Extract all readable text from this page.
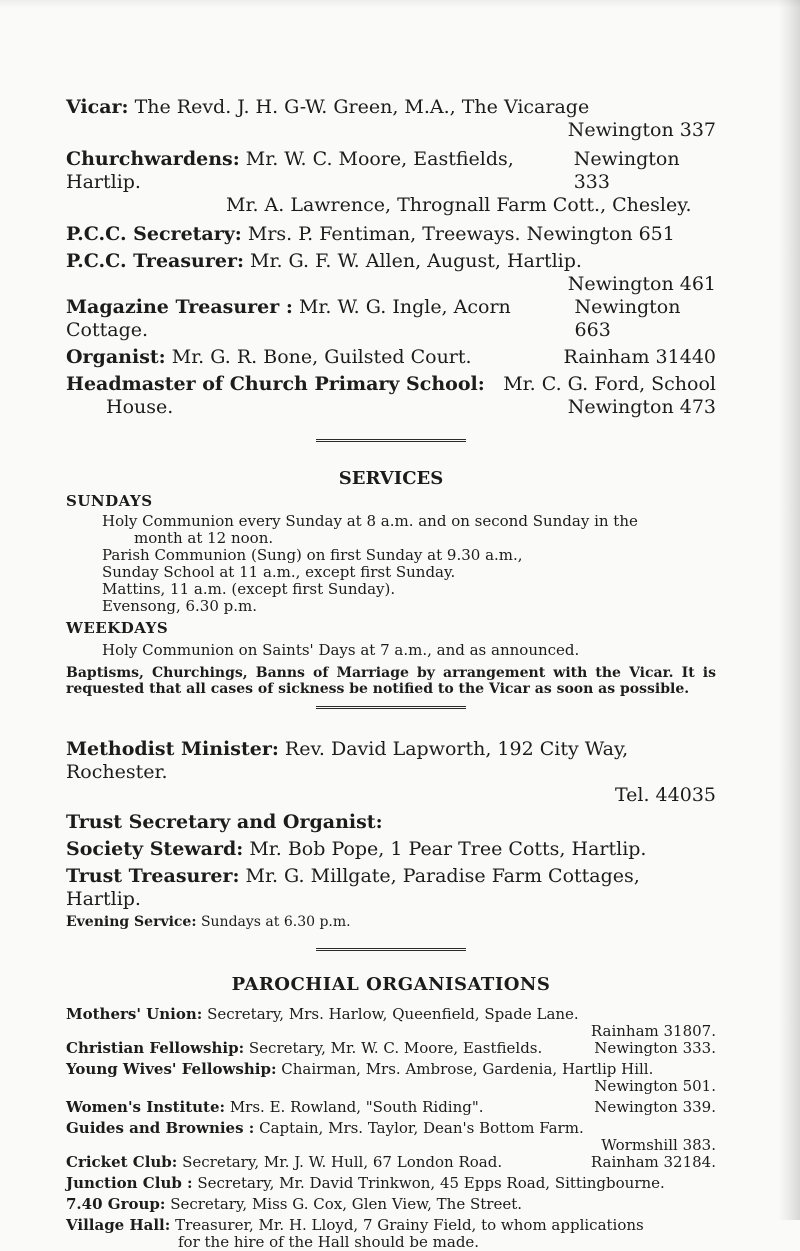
Vicar: The Revd. J. H. G-W. Green, M.A., The Vicarage
Newington 337
Churchwardens: Mr. W. C. Moore, Eastfields, Hartlip.
Newington 333
Mr. A. Lawrence, Thrognall Farm Cott., Chesley.
P.C.C. Secretary: Mrs. P. Fentiman, Treeways. Newington 651
P.C.C. Treasurer: Mr. G. F. W. Allen, August, Hartlip.
Newington 461
Magazine Treasurer : Mr. W. G. Ingle, Acorn Cottage.
Newington 663
Organist: Mr. G. R. Bone, Guilsted Court.	Rainham 31440
Headmaster of Church Primary School: Mr. C. G. Ford, School
House.	Newington 473
SERVICES
SUNDAYS
Holy Communion every Sunday at 8 a.m. and on second Sunday in the
month at 12 noon.
Parish Communion (Sung) on first Sunday at 9.30 a.m.,
Sunday School at 11 a.m., except first Sunday.
Mattins, 11 a.m. (except first Sunday).
Evensong, 6.30 p.m.
WEEKDAYS
Holy Communion on Saints' Days at 7 a.m., and as announced.
Baptisms, Churchings, Banns of Marriage by arrangement with the Vicar. It is requested that all cases of sickness be notified to the Vicar as soon as possible.
Methodist Minister: Rev. David Lapworth, 192 City Way, Rochester.
Tel. 44035
Trust Secretary and Organist:
Society Steward: Mr. Bob Pope, 1 Pear Tree Cotts, Hartlip.
Trust Treasurer: Mr. G. Millgate, Paradise Farm Cottages, Hartlip.
Evening Service: Sundays at 6.30 p.m.
PAROCHIAL ORGANISATIONS
Mothers' Union: Secretary, Mrs. Harlow, Queenfield, Spade Lane.
Rainham 31807.
Christian Fellowship: Secretary, Mr. W. C. Moore, Eastfields.	Newington 333.
Young Wives' Fellowship: Chairman, Mrs. Ambrose, Gardenia, Hartlip Hill.
Newington 501.
Women's Institute: Mrs. E. Rowland, "South Riding".	Newington 339.
Guides and Brownies : Captain, Mrs. Taylor, Dean's Bottom Farm.
Wormshill 383.
Cricket Club: Secretary, Mr. J. W. Hull, 67 London Road.	Rainham 32184.
Junction Club : Secretary, Mr. David Trinkwon, 45 Epps Road, Sittingbourne.
7.40 Group: Secretary, Miss G. Cox, Glen View, The Street.
Village Hall: Treasurer, Mr. H. Lloyd, 7 Grainy Field, to whom applications
for the hire of the Hall should be made.
